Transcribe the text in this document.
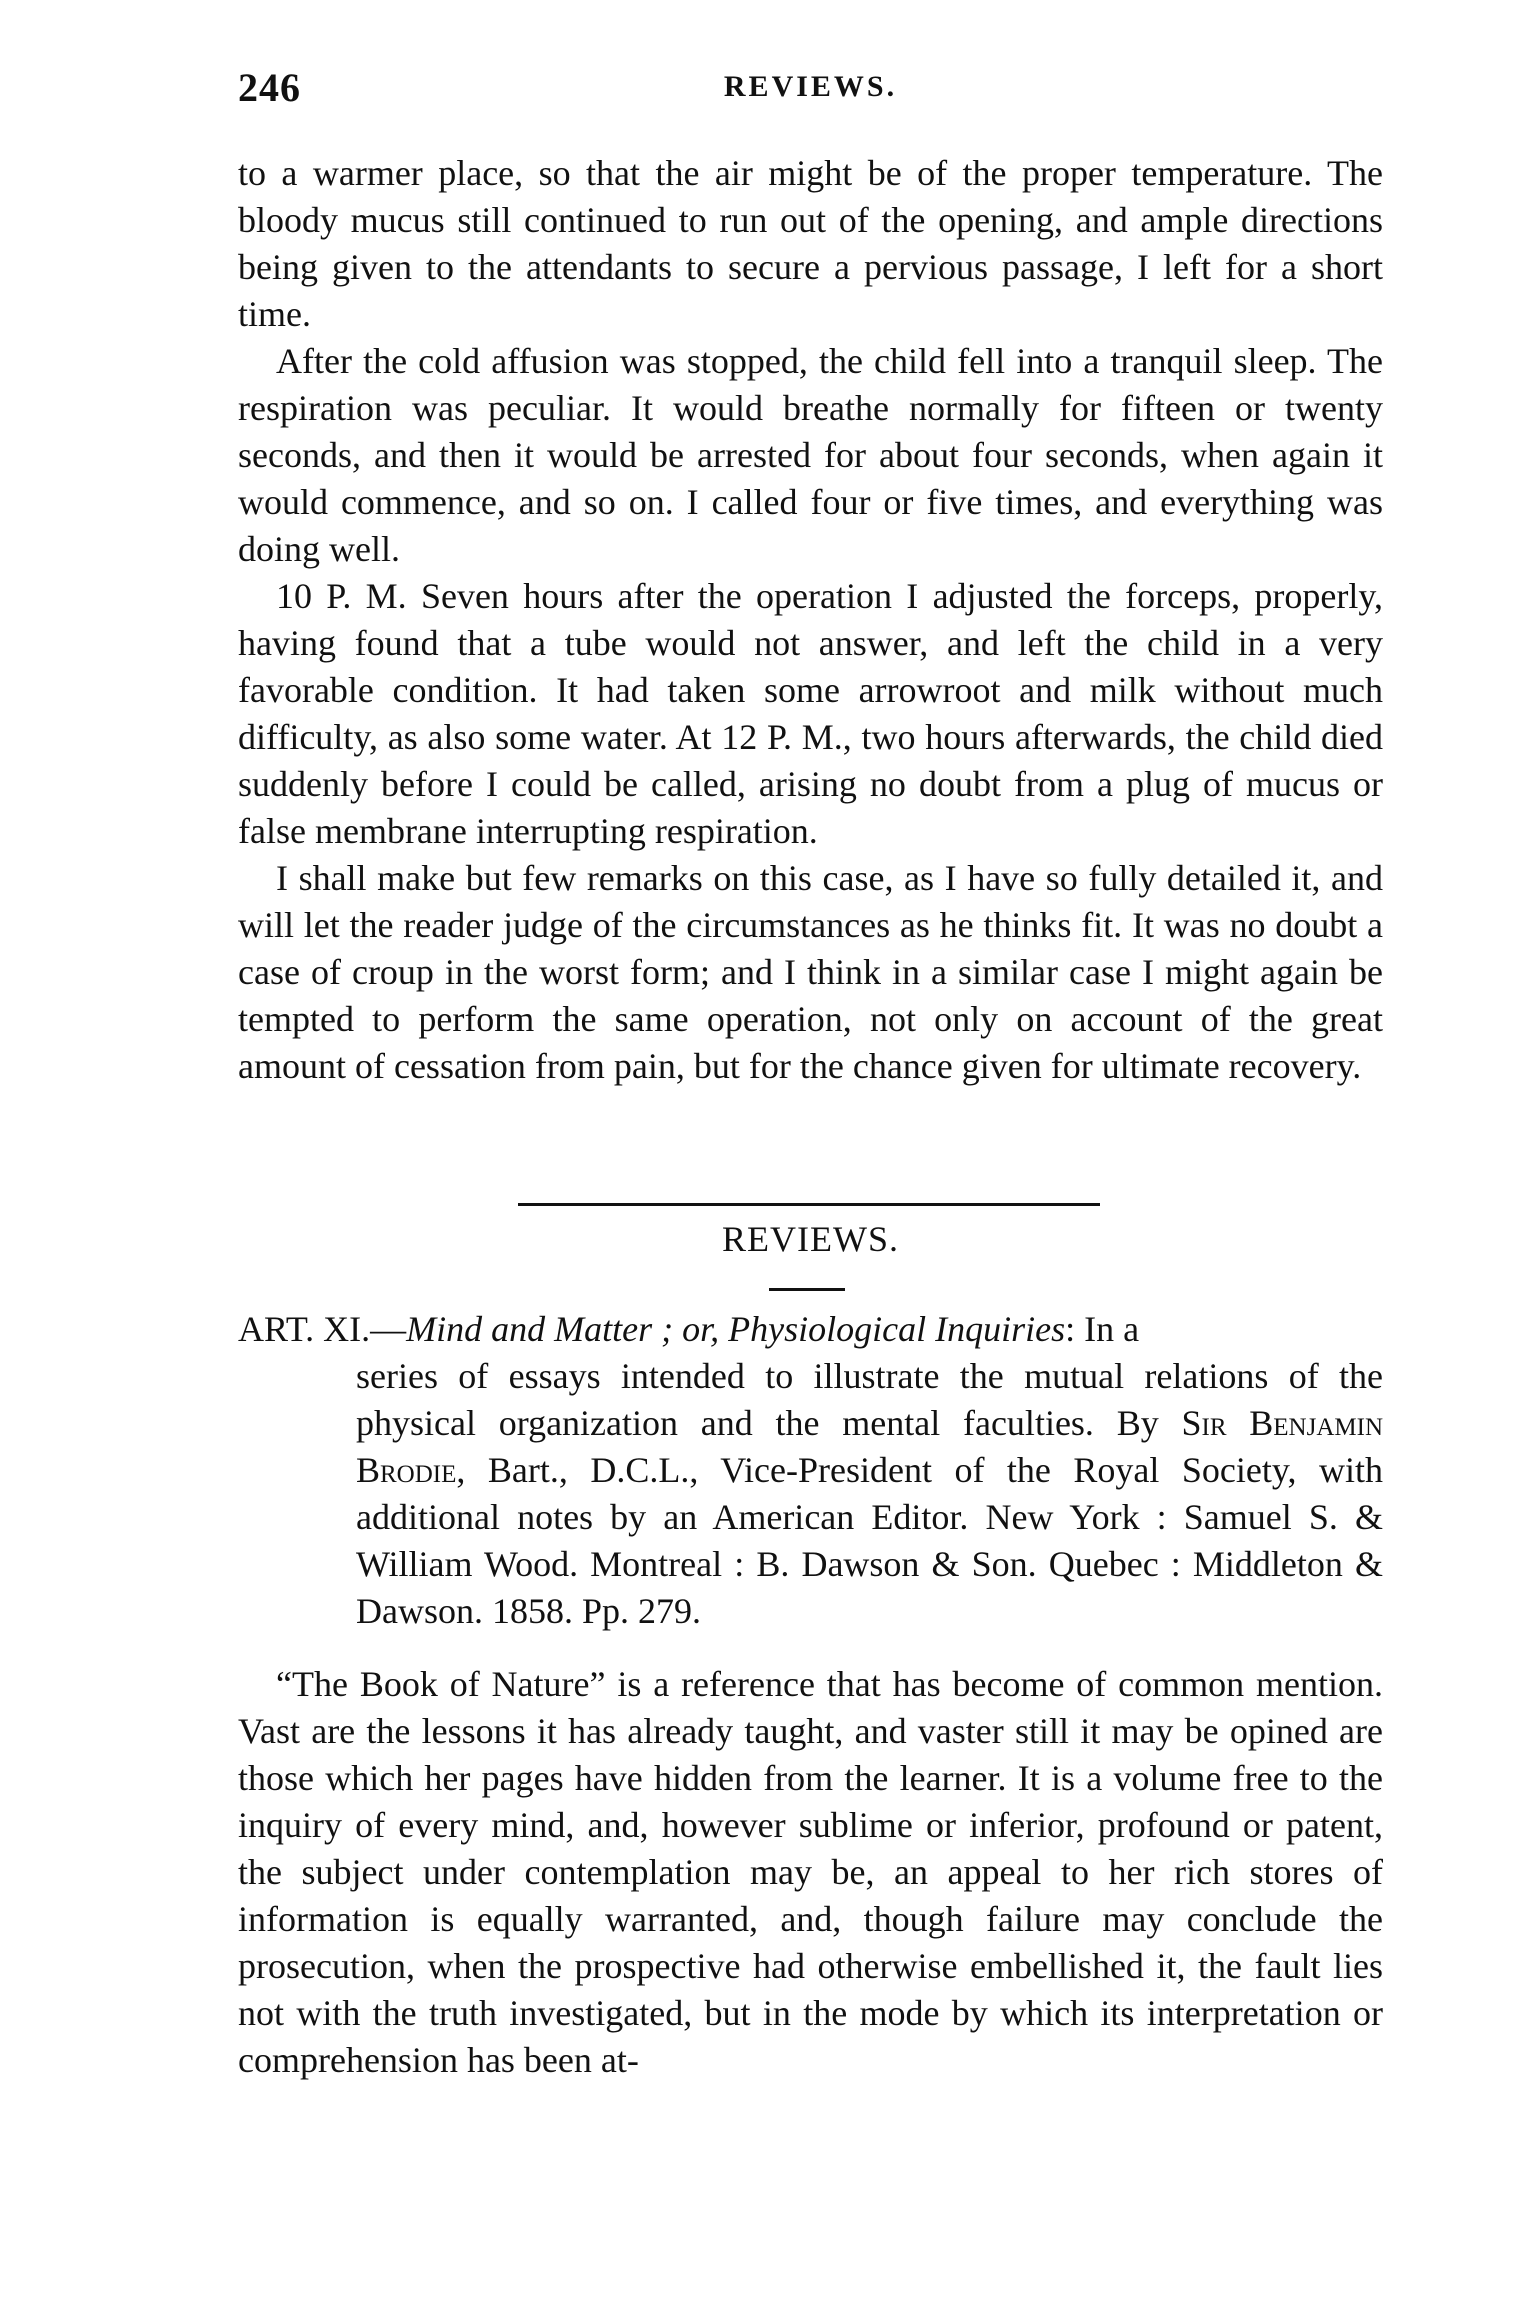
246	REVIEWS.

to a warmer place, so that the air might be of the proper temperature. The bloody mucus still continued to run out of the opening, and ample directions being given to the attendants to secure a pervious passage, I left for a short time.

After the cold affusion was stopped, the child fell into a tranquil sleep. The respiration was peculiar. It would breathe normally for fifteen or twenty seconds, and then it would be arrested for about four seconds, when again it would commence, and so on. I called four or five times, and everything was doing well.

10 P. M. Seven hours after the operation I adjusted the forceps, properly, having found that a tube would not answer, and left the child in a very favorable condition. It had taken some arrowroot and milk without much difficulty, as also some water. At 12 P. M., two hours afterwards, the child died suddenly before I could be called, arising no doubt from a plug of mucus or false membrane interrupting respiration.

I shall make but few remarks on this case, as I have so fully detailed it, and will let the reader judge of the circumstances as he thinks fit. It was no doubt a case of croup in the worst form; and I think in a similar case I might again be tempted to perform the same operation, not only on account of the great amount of cessation from pain, but for the chance given for ultimate recovery.

REVIEWS.
ART. XI.—Mind and Matter ; or, Physiological Inquiries: In a
series of essays intended to illustrate the mutual relations of the physical organization and the mental faculties. By Sir Benjamin Brodie, Bart., D.C.L., Vice-President of the Royal Society, with additional notes by an American Editor. New York : Samuel S. & William Wood. Montreal : B. Dawson & Son. Quebec : Middleton & Dawson. 1858. Pp. 279.

“The Book of Nature” is a reference that has become of common mention. Vast are the lessons it has already taught, and vaster still it may be opined are those which her pages have hidden from the learner. It is a volume free to the inquiry of every mind, and, however sublime or inferior, profound or patent, the subject under contemplation may be, an appeal to her rich stores of information is equally warranted, and, though failure may conclude the prosecution, when the prospective had otherwise embellished it, the fault lies not with the truth investigated, but in the mode by which its interpretation or comprehension has been at-
